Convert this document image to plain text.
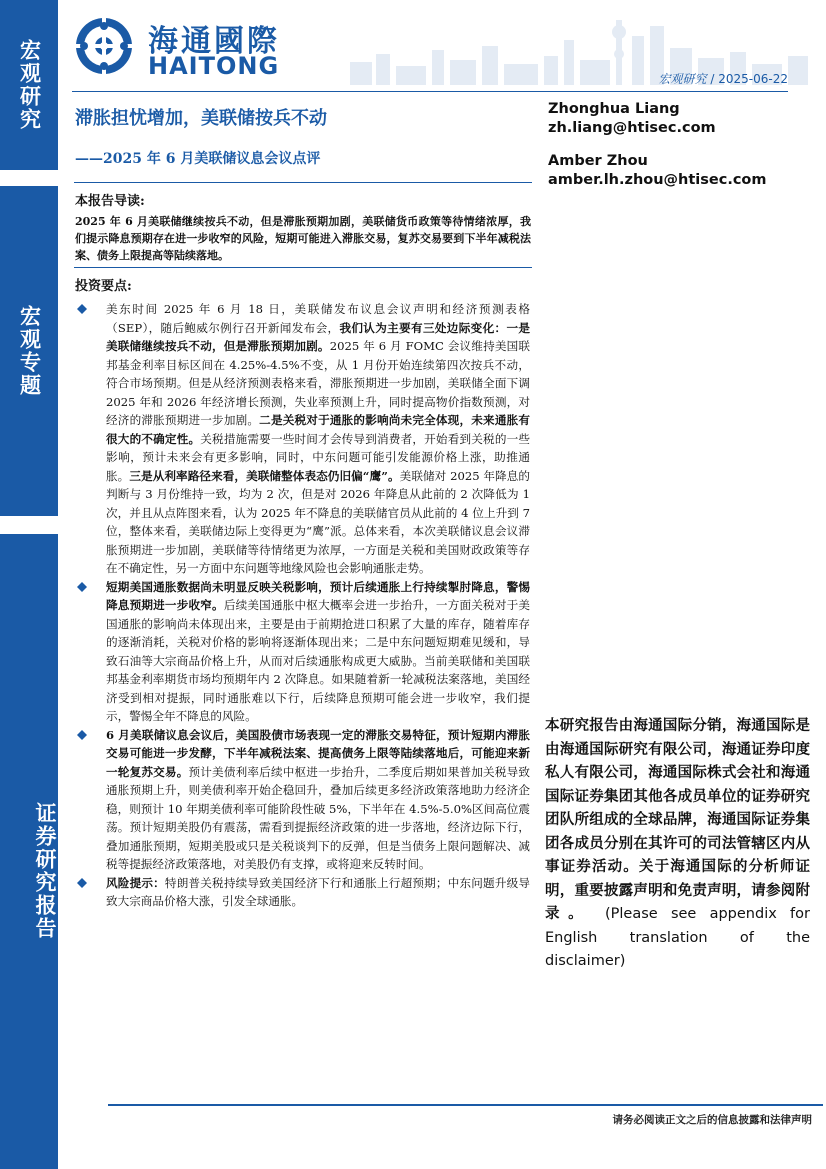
宏观研究
宏观专题
证券研究报告
海通國際
HAITONG	宏观研究 / 2025-06-22
滞胀担忧增加，美联储按兵不动
——2025 年 6 月美联储议息会议点评
Zhonghua Liang
zh.liang@htisec.com
Amber Zhou
amber.lh.zhou@htisec.com
本报告导读:
2025 年 6 月美联储继续按兵不动，但是滞胀预期加剧，美联储货币政策等待情绪浓厚，我们提示降息预期存在进一步收窄的风险，短期可能进入滞胀交易，复苏交易要到下半年减税法案、债务上限提高等陆续落地。
投资要点:
美东时间 2025 年 6 月 18 日，美联储发布议息会议声明和经济预测表格（SEP），随后鲍威尔例行召开新闻发布会，我们认为主要有三处边际变化：一是美联储继续按兵不动，但是滞胀预期加剧。2025 年 6 月 FOMC 会议维持美国联邦基金利率目标区间在 4.25%-4.5%不变，从 1 月份开始连续第四次按兵不动，符合市场预期。但是从经济预测表格来看，滞胀预期进一步加剧，美联储全面下调 2025 年和 2026 年经济增长预测，失业率预测上升，同时提高物价指数预测，对经济的滞胀预期进一步加剧。二是关税对于通胀的影响尚未完全体现，未来通胀有很大的不确定性。关税措施需要一些时间才会传导到消费者，开始看到关税的一些影响，预计未来会有更多影响，同时，中东问题可能引发能源价格上涨，助推通胀。三是从利率路径来看，美联储整体表态仍旧偏“鹰”。美联储对 2025 年降息的判断与 3 月份维持一致，均为 2 次，但是对 2026 年降息从此前的 2 次降低为 1 次，并且从点阵图来看，认为 2025 年不降息的美联储官员从此前的 4 位上升到 7 位，整体来看，美联储边际上变得更为“鹰”派。总体来看，本次美联储议息会议滞胀预期进一步加剧，美联储等待情绪更为浓厚，一方面是关税和美国财政政策等存在不确定性，另一方面中东问题等地缘风险也会影响通胀走势。
短期美国通胀数据尚未明显反映关税影响，预计后续通胀上行持续掣肘降息，警惕降息预期进一步收窄。后续美国通胀中枢大概率会进一步抬升，一方面关税对于美国通胀的影响尚未体现出来，主要是由于前期抢进口积累了大量的库存，随着库存的逐渐消耗，关税对价格的影响将逐渐体现出来；二是中东问题短期难见缓和，导致石油等大宗商品价格上升，从而对后续通胀构成更大威胁。当前美联储和美国联邦基金利率期货市场均预期年内 2 次降息。如果随着新一轮减税法案落地，美国经济受到相对提振，同时通胀难以下行，后续降息预期可能会进一步收窄，我们提示，警惕全年不降息的风险。
6 月美联储议息会议后，美国股债市场表现一定的滞胀交易特征，预计短期内滞胀交易可能进一步发酵，下半年减税法案、提高债务上限等陆续落地后，可能迎来新一轮复苏交易。预计美债利率后续中枢进一步抬升，二季度后期如果普加关税导致通胀预期上升，则美债利率开始企稳回升，叠加后续更多经济政策落地助力经济企稳，则预计 10 年期美债利率可能阶段性破 5%，下半年在 4.5%-5.0%区间高位震荡。预计短期美股仍有震荡，需看到提振经济政策的进一步落地，经济边际下行，叠加通胀预期，短期美股或只是关税谈判下的反弹，但是当债务上限问题解决、减税等提振经济政策落地，对美股仍有支撑，或将迎来反转时间。
风险提示：特朗普关税持续导致美国经济下行和通胀上行超预期；中东问题升级导致大宗商品价格大涨，引发全球通胀。
本研究报告由海通国际分销，海通国际是由海通国际研究有限公司，海通证券印度私人有限公司，海通国际株式会社和海通国际证券集团其他各成员单位的证券研究团队所组成的全球品牌，海通国际证券集团各成员分别在其许可的司法管辖区内从事证券活动。关于海通国际的分析师证明，重要披露声明和免责声明，请参阅附录。 (Please see appendix for English translation of the disclaimer)
请务必阅读正文之后的信息披露和法律声明
